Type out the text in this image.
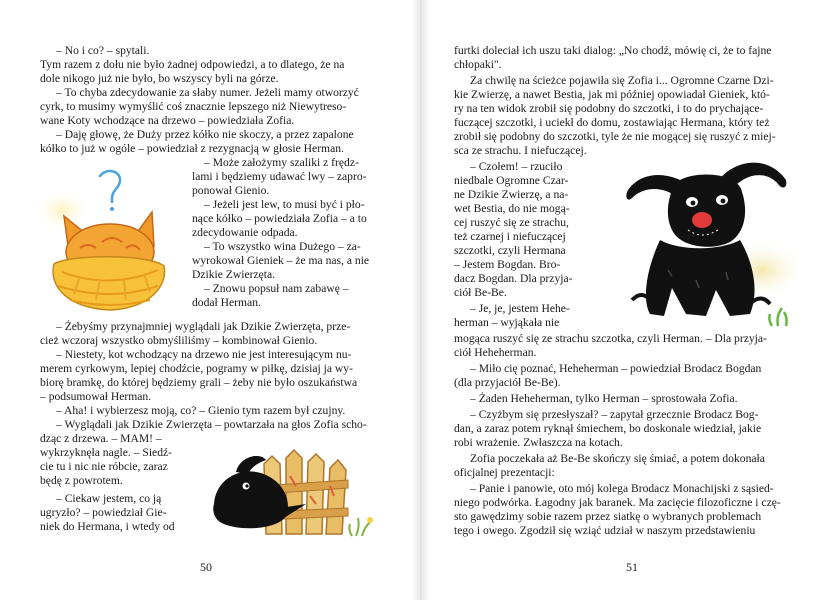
– No i co? – spytali.
Tym razem z dołu nie było żadnej odpowiedzi, a to dlatego, że na
dole nikogo już nie było, bo wszyscy byli na górze.
– To chyba zdecydowanie za słaby numer. Jeżeli mamy otworzyć
cyrk, to musimy wymyślić coś znacznie lepszego niż Niewytreso-
wane Koty wchodzące na drzewo – powiedziała Zofia.
– Daję głowę, że Duży przez kółko nie skoczy, a przez zapalone
kółko to już w ogóle – powiedział z rezygnacją w głosie Herman.
– Może założymy szaliki z frędz-
lami i będziemy udawać lwy – zapro-
ponował Gienio.
– Jeżeli jest lew, to musi być i pło-
nące kółko – powiedziała Zofia – a to
zdecydowanie odpada.
– To wszystko wina Dużego – za-
wyrokował Gieniek – że ma nas, a nie
Dzikie Zwierzęta.
– Znowu popsuł nam zabawę –
dodał Herman.
– Żebyśmy przynajmniej wyglądali jak Dzikie Zwierzęta, prze-
cież wczoraj wszystko obmyśliliśmy – kombinował Gienio.
– Niestety, kot wchodzący na drzewo nie jest interesującym nu-
merem cyrkowym, lepiej chodźcie, pogramy w piłkę, dzisiaj ja wy-
biorę bramkę, do której będziemy grali – żeby nie było oszukaństwa
– podsumował Herman.
– Aha! i wybierzesz moją, co? – Gienio tym razem był czujny.
– Wyglądali jak Dzikie Zwierzęta – powtarzała na głos Zofia scho-
dząc z drzewa. – MAM! –
wykrzyknęła nagle. – Siedź-
cie tu i nic nie róbcie, zaraz
będę z powrotem.
– Ciekaw jestem, co ją
ugryzło? – powiedział Gie-
niek do Hermana, i wtedy od
50
furtki doleciał ich uszu taki dialog: „No chodź, mówię ci, że to fajne
chłopaki".
Za chwilę na ścieżce pojawiła się Zofia i... Ogromne Czarne Dzi-
kie Zwierzę, a nawet Bestia, jak mi później opowiadał Gieniek, któ-
ry na ten widok zrobił się podobny do szczotki, i to do prychające-
fuczącej szczotki, i uciekł do domu, zostawiając Hermana, który też
zrobił się podobny do szczotki, tyle że nie mogącej się ruszyć z miej-
sca ze strachu. I niefuczącej.
– Czołem! – rzuciło
niedbale Ogromne Czar-
ne Dzikie Zwierzę, a na-
wet Bestia, do nie mogą-
cej ruszyć się ze strachu,
też czarnej i niefuczącej
szczotki, czyli Hermana
– Jestem Bogdan. Bro-
dacz Bogdan. Dla przyja-
ciół Be-Be.
– Je, je, jestem Hehe-
herman – wyjąkała nie
mogąca ruszyć się ze strachu szczotka, czyli Herman. – Dla przyja-
ciół Heheherman.
– Miło cię poznać, Heheherman – powiedział Brodacz Bogdan
(dla przyjaciół Be-Be).
– Żaden Heheherman, tylko Herman – sprostowała Zofia.
– Czyżbym się przesłyszał? – zapytał grzecznie Brodacz Bog-
dan, a zaraz potem ryknął śmiechem, bo doskonale wiedział, jakie
robi wrażenie. Zwłaszcza na kotach.
Zofia poczekała aż Be-Be skończy się śmiać, a potem dokonała
oficjalnej prezentacji:
– Panie i panowie, oto mój kolega Brodacz Monachijski z sąsied-
niego podwórka. Łagodny jak baranek. Ma zacięcie filozoficzne i czę-
sto gawędzimy sobie razem przez siatkę o wybranych problemach
tego i owego. Zgodził się wziąć udział w naszym przedstawieniu
51
